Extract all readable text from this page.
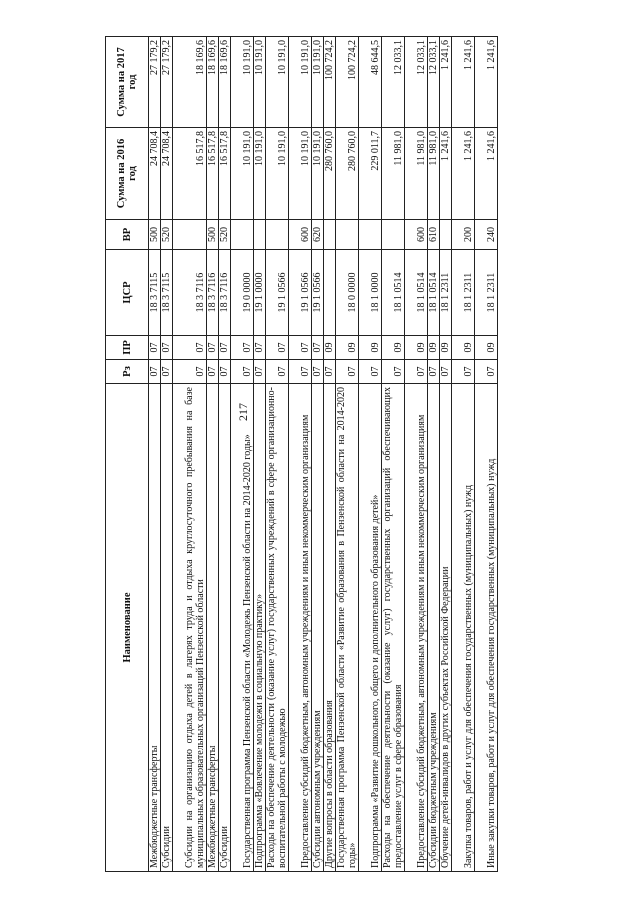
217
Наименование	Рз	ПР	ЦСР	ВР	Сумма на 2016 год	Сумма на 2017 год
Межбюджетные трансферты	07	07	18 3 7115	500	24 708,4	27 179,2
Субсидии	07	07	18 3 7115	520	24 708,4	27 179,2
Субсидии на организацию отдыха детей в лагерях труда и отдыха круглосуточного пребывания на базе муниципальных образовательных организаций Пензенской области	07	07	18 3 7116		16 517,8	18 169,6
Межбюджетные трансферты	07	07	18 3 7116	500	16 517,8	18 169,6
Субсидии	07	07	18 3 7116	520	16 517,8	18 169,6
Государственная программа Пензенской области «Молодежь Пензенской области на 2014-2020 годы»	07	07	19 0 0000		10 191,0	10 191,0
Подпрограмма «Вовлечение молодежи в социальную практику»	07	07	19 1 0000		10 191,0	10 191,0
Расходы на обеспечение деятельности (оказание услуг) государственных учреждений в сфере организационно-воспитательной работы с молодежью	07	07	19 1 0566		10 191,0	10 191,0
Предоставление субсидий бюджетным, автономным учреждениям и иным некоммерческим организациям	07	07	19 1 0566	600	10 191,0	10 191,0
Субсидии автономным учреждениям	07	07	19 1 0566	620	10 191,0	10 191,0
Другие вопросы в области образования	07	09			280 760,0	100 724,2
Государственная программа Пензенской области «Развитие образования в Пензенской области на 2014-2020 годы»	07	09	18 0 0000		280 760,0	100 724,2
Подпрограмма «Развитие дошкольного, общего и дополнительного образования детей»	07	09	18 1 0000		229 011,7	48 644,5
Расходы на обеспечение деятельности (оказание услуг) государственных организаций обеспечивающих предоставление услуг в сфере образования	07	09	18 1 0514		11 981,0	12 033,1
Предоставление субсидий бюджетным, автономным учреждениям и иным некоммерческим организациям	07	09	18 1 0514	600	11 981,0	12 033,1
Субсидии бюджетным учреждениям	07	09	18 1 0514	610	11 981,0	12 033,1
Обучение детей-инвалидов в других субъектах Российской Федерации	07	09	18 1 2311		1 241,6	1 241,6
Закупка товаров, работ и услуг для обеспечения государственных (муниципальных) нужд	07	09	18 1 2311	200	1 241,6	1 241,6
Иные закупки товаров, работ и услуг для обеспечения государственных (муниципальных) нужд	07	09	18 1 2311	240	1 241,6	1 241,6
